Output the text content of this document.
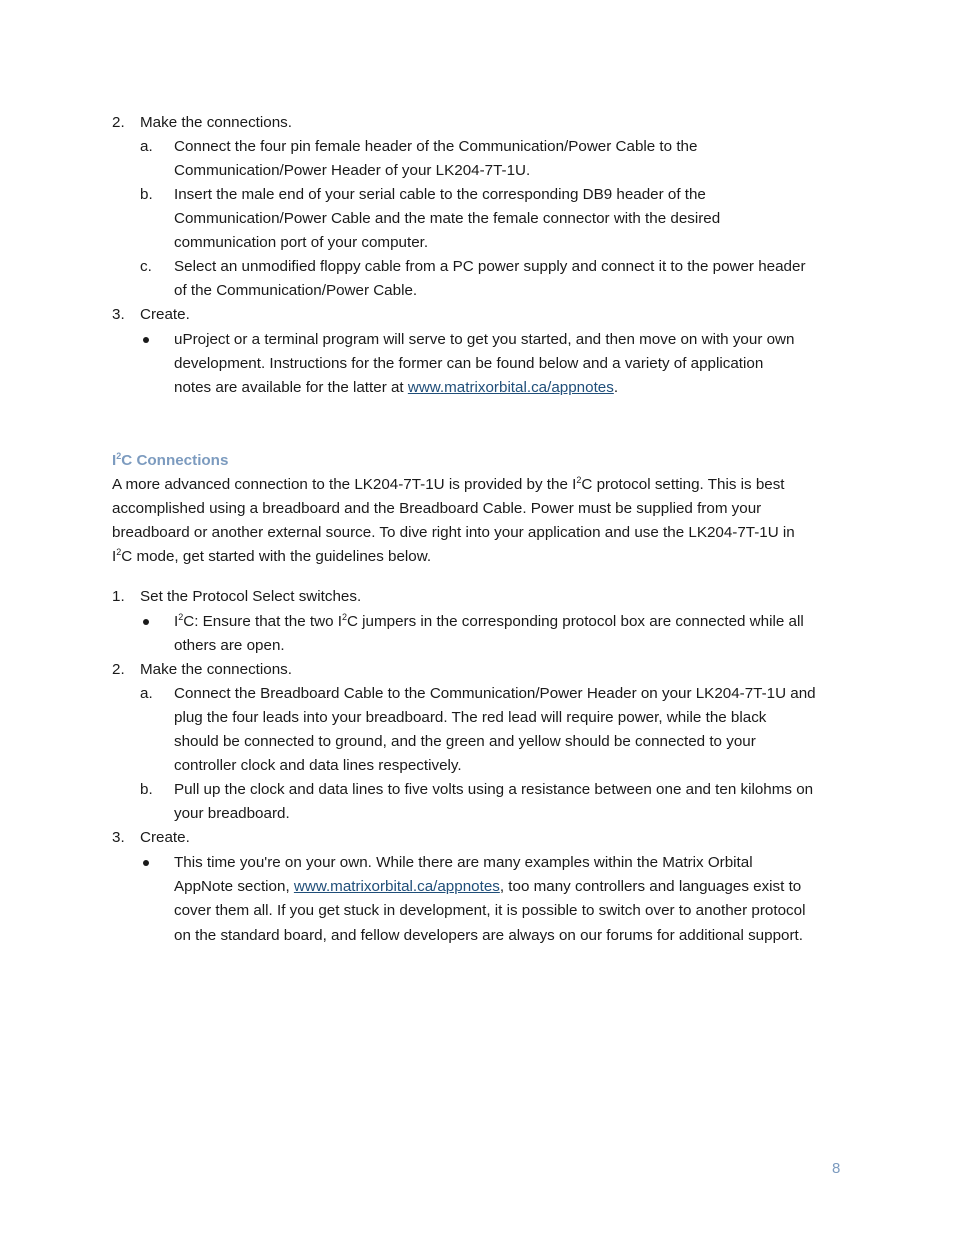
2. Make the connections.
a. Connect the four pin female header of the Communication/Power Cable to the
Communication/Power Header of your LK204-7T-1U.
b. Insert the male end of your serial cable to the corresponding DB9 header of the
Communication/Power Cable and the mate the female connector with the desired
communication port of your computer.
c. Select an unmodified floppy cable from a PC power supply and connect it to the power header
of the Communication/Power Cable.
3. Create.
uProject or a terminal program will serve to get you started, and then move on with your own
development. Instructions for the former can be found below and a variety of application
notes are available for the latter at www.matrixorbital.ca/appnotes.
$I^2C$ Connections
A more advanced connection to the LK204-7T-1U is provided by the $I^2C$ protocol setting. This is best
accomplished using a breadboard and the Breadboard Cable. Power must be supplied from your
breadboard or another external source. To dive right into your application and use the LK204-7T-1U in
$I^2C$ mode, get started with the guidelines below.
1. Set the Protocol Select switches.
$I^2C$: Ensure that the two $I^2C$ jumpers in the corresponding protocol box are connected while all
others are open.
2. Make the connections.
a. Connect the Breadboard Cable to the Communication/Power Header on your LK204-7T-1U and
plug the four leads into your breadboard. The red lead will require power, while the black
should be connected to ground, and the green and yellow should be connected to your
controller clock and data lines respectively.
b. Pull up the clock and data lines to five volts using a resistance between one and ten kilohms on
your breadboard.
3. Create.
This time you're on your own. While there are many examples within the Matrix Orbital
AppNote section, www.matrixorbital.ca/appnotes, too many controllers and languages exist to
cover them all. If you get stuck in development, it is possible to switch over to another protocol
on the standard board, and fellow developers are always on our forums for additional support.
8
